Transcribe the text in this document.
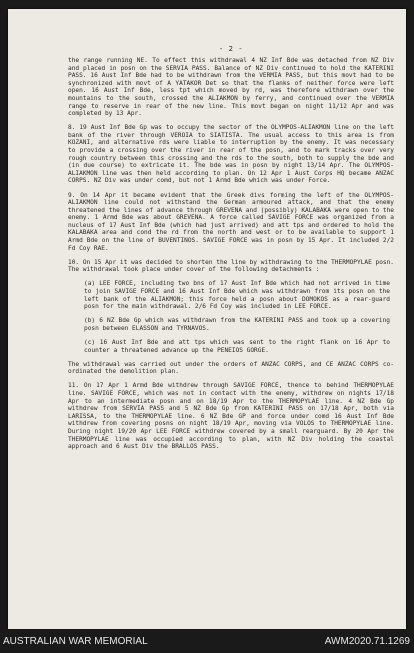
- 2 -

the range running NE. To effect this withdrawal 4 NZ Inf Bde was detached from NZ Div and placed in posn on the SERVIA PASS. Balance of NZ Div continued to hold the KATERINI PASS. 16 Aust Inf Bde had to be withdrawn from the VERMIA PASS, but this movt had to be synchronized with movt of A YATAKOR Det so that the flanks of neither force were left open. 16 Aust Inf Bde, less tpt which moved by rd, was therefore withdrawn over the mountains to the south, crossed the ALIAKMON by ferry, and continued over the VERMIA range to reserve in rear of the new line. This movt began on night 11/12 Apr and was completed by 13 Apr.

8. 19 Aust Inf Bde Gp was to occupy the sector of the OLYMPOS-ALIAKMON line on the left bank of the river through VEROIA to SIATISTA. The usual access to this area is from KOZANI, and alternative rds were liable to interruption by the enemy. It was necessary to provide a crossing over the river in rear of the posn, and to mark tracks over very rough country between this crossing and the rds to the south, both to supply the bde and (in due course) to extricate it. The bde was in posn by night 13/14 Apr. The OLYMPOS-ALIAKMON line was then held according to plan. On 12 Apr 1 Aust Corps HQ became ANZAC CORPS. NZ Div was under comd, but not 1 Armd Bde which was under Force.

9. On 14 Apr it became evident that the Greek divs forming the left of the OLYMPOS-ALIAKMON line could not withstand the German armoured attack, and that the enemy threatened the lines of advance through GREVENA and (possibly) KALABAKA were open to the enemy. 1 Armd Bde was about GREVENA. A force called SAVIGE FORCE was organized from a nucleus of 17 Aust Inf Bde (which had just arrived) and att tps and ordered to hold the KALABAKA area and cond the rd from the north and west or to be available to support 1 Armd Bde on the line of BUVENTINOS. SAVIGE FORCE was in posn by 15 Apr. It included 2/2 Fd Coy RAE.

10. On 15 Apr it was decided to shorten the line by withdrawing to the THERMOPYLAE posn. The withdrawal took place under cover of the following detachments :

(a) LEE FORCE, including two bns of 17 Aust Inf Bde which had not arrived in time to join SAVIGE FORCE and 16 Aust Inf Bde which was withdrawn from its posn on the left bank of the ALIAKMON; this force held a posn about DOMOKOS as a rear-guard posn for the main withdrawal. 2/6 Fd Coy was included in LEE FORCE.

(b) 6 NZ Bde Gp which was withdrawn from the KATERINI PASS and took up a covering posn between ELASSON and TYRNAVOS.

(c) 16 Aust Inf Bde and att tps which was sent to the right flank on 16 Apr to counter a threatened advance up the PENEIOS GORGE.

The withdrawal was carried out under the orders of ANZAC CORPS, and CE ANZAC CORPS co-ordinated the demolition plan.

11. On 17 Apr 1 Armd Bde withdrew through SAVIGE FORCE, thence to behind THERMOPYLAE line. SAVIGE FORCE, which was not in contact with the enemy, withdrew on nights 17/18 Apr to an intermediate posn and on 18/19 Apr to the THERMOPYLAE line. 4 NZ Bde Gp withdrew from SERVIA PASS and 5 NZ Bde Gp from KATERINI PASS on 17/18 Apr, both via LARISSA, to the THERMOPYLAE line. 6 NZ Bde GP and force under comd 16 Aust Inf Bde withdrew from covering posns on night 18/19 Apr, moving via VOLOS to THERMOPYLAE line. During night 19/20 Apr LEE FORCE withdrew covered by a small rearguard. By 20 Apr the THERMOPYLAE line was occupied according to plan, with NZ Div holding the coastal approach and 6 Aust Div the BRALLOS PASS.

AUSTRALIAN WAR MEMORIAL	AWM2020.71.1269
